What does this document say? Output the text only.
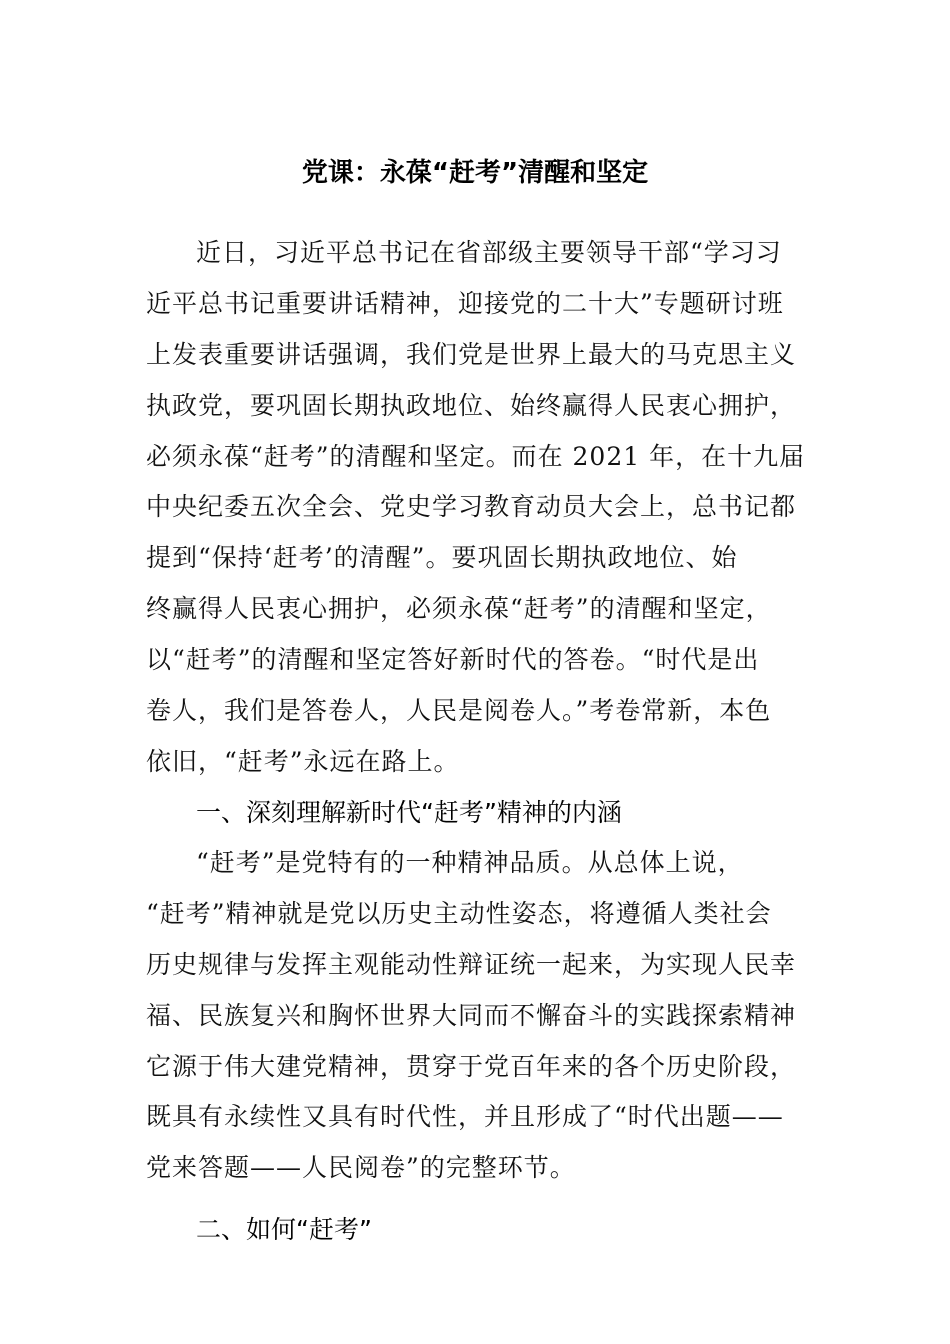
党课：永葆“赶考”清醒和坚定
近日，习近平总书记在省部级主要领导干部“学习习
近平总书记重要讲话精神，迎接党的二十大”专题研讨班
上发表重要讲话强调，我们党是世界上最大的马克思主义
执政党，要巩固长期执政地位、始终赢得人民衷心拥护，
必须永葆“赶考”的清醒和坚定。而在 2021 年，在十九届
中央纪委五次全会、党史学习教育动员大会上，总书记都
提到“保持‘赶考’的清醒”。要巩固长期执政地位、始
终赢得人民衷心拥护，必须永葆“赶考”的清醒和坚定，
以“赶考”的清醒和坚定答好新时代的答卷。“时代是出
卷人，我们是答卷人，人民是阅卷人。”考卷常新，本色
依旧，“赶考”永远在路上。
一、深刻理解新时代“赶考”精神的内涵
“赶考”是党特有的一种精神品质。从总体上说，
“赶考”精神就是党以历史主动性姿态，将遵循人类社会
历史规律与发挥主观能动性辩证统一起来，为实现人民幸
福、民族复兴和胸怀世界大同而不懈奋斗的实践探索精神
它源于伟大建党精神，贯穿于党百年来的各个历史阶段，
既具有永续性又具有时代性，并且形成了“时代出题——
党来答题——人民阅卷”的完整环节。
二、如何“赶考”
